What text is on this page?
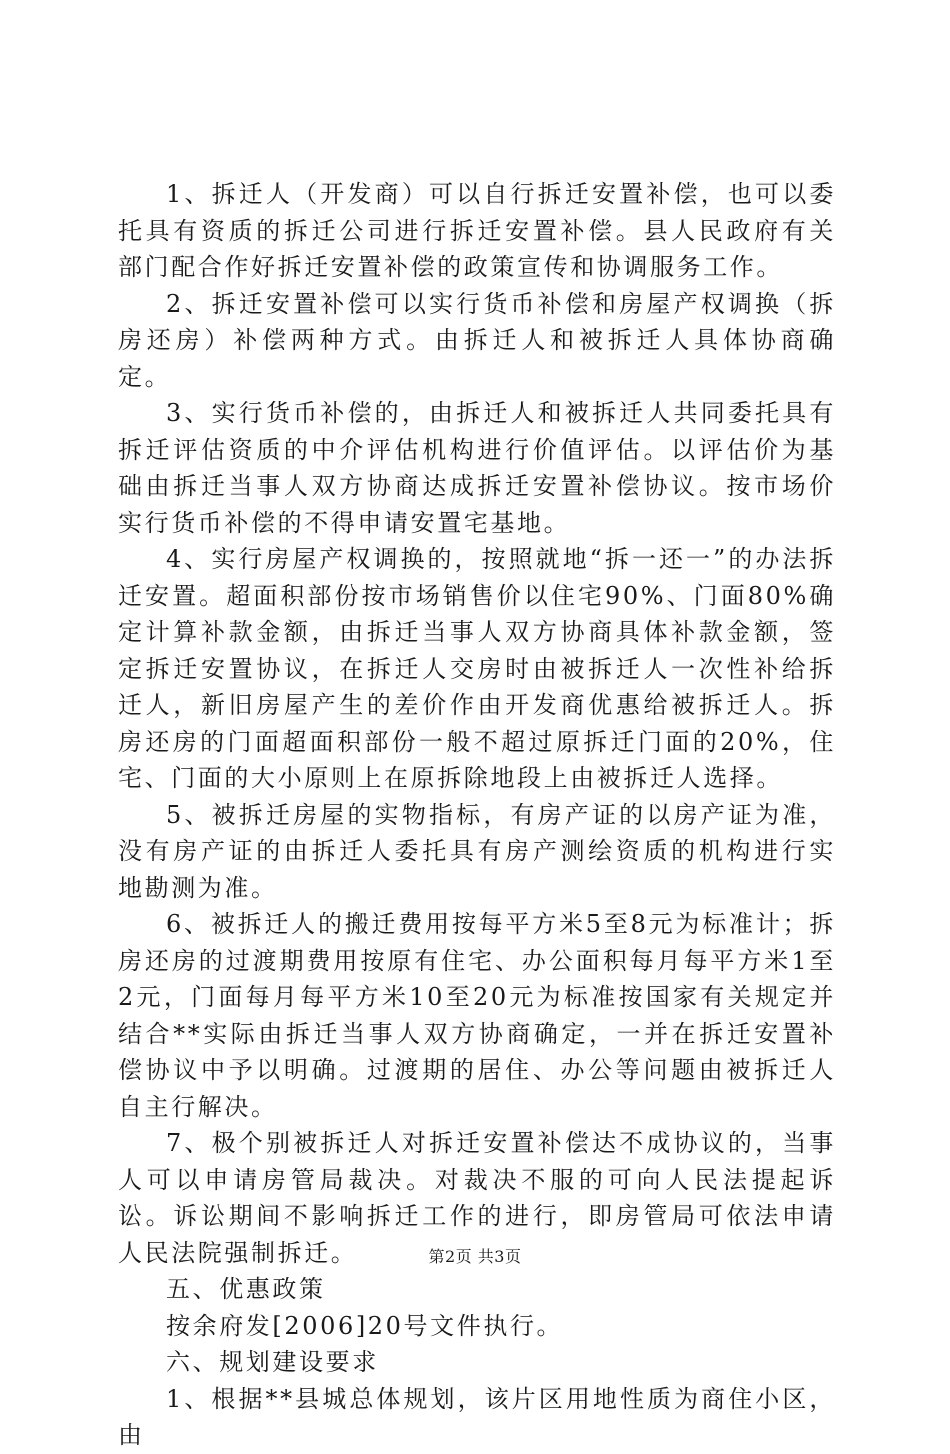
1、拆迁人（开发商）可以自行拆迁安置补偿，也可以委托具有资质的拆迁公司进行拆迁安置补偿。县人民政府有关部门配合作好拆迁安置补偿的政策宣传和协调服务工作。

2、拆迁安置补偿可以实行货币补偿和房屋产权调换（拆房还房）补偿两种方式。由拆迁人和被拆迁人具体协商确定。

3、实行货币补偿的，由拆迁人和被拆迁人共同委托具有拆迁评估资质的中介评估机构进行价值评估。以评估价为基础由拆迁当事人双方协商达成拆迁安置补偿协议。按市场价实行货币补偿的不得申请安置宅基地。

4、实行房屋产权调换的，按照就地“拆一还一”的办法拆迁安置。超面积部份按市场销售价以住宅90%、门面80%确定计算补款金额，由拆迁当事人双方协商具体补款金额，签定拆迁安置协议，在拆迁人交房时由被拆迁人一次性补给拆迁人，新旧房屋产生的差价作由开发商优惠给被拆迁人。拆房还房的门面超面积部份一般不超过原拆迁门面的20%，住宅、门面的大小原则上在原拆除地段上由被拆迁人选择。

5、被拆迁房屋的实物指标，有房产证的以房产证为准，没有房产证的由拆迁人委托具有房产测绘资质的机构进行实地勘测为准。

6、被拆迁人的搬迁费用按每平方米5至8元为标准计；拆房还房的过渡期费用按原有住宅、办公面积每月每平方米1至2元，门面每月每平方米10至20元为标准按国家有关规定并结合**实际由拆迁当事人双方协商确定，一并在拆迁安置补偿协议中予以明确。过渡期的居住、办公等问题由被拆迁人自主行解决。

7、极个别被拆迁人对拆迁安置补偿达不成协议的，当事人可以申请房管局裁决。对裁决不服的可向人民法提起诉讼。诉讼期间不影响拆迁工作的进行，即房管局可依法申请人民法院强制拆迁。

五、优惠政策

按余府发[2006]20号文件执行。

六、规划建设要求

1、根据**县城总体规划，该片区用地性质为商住小区，由

第2页 共3页
